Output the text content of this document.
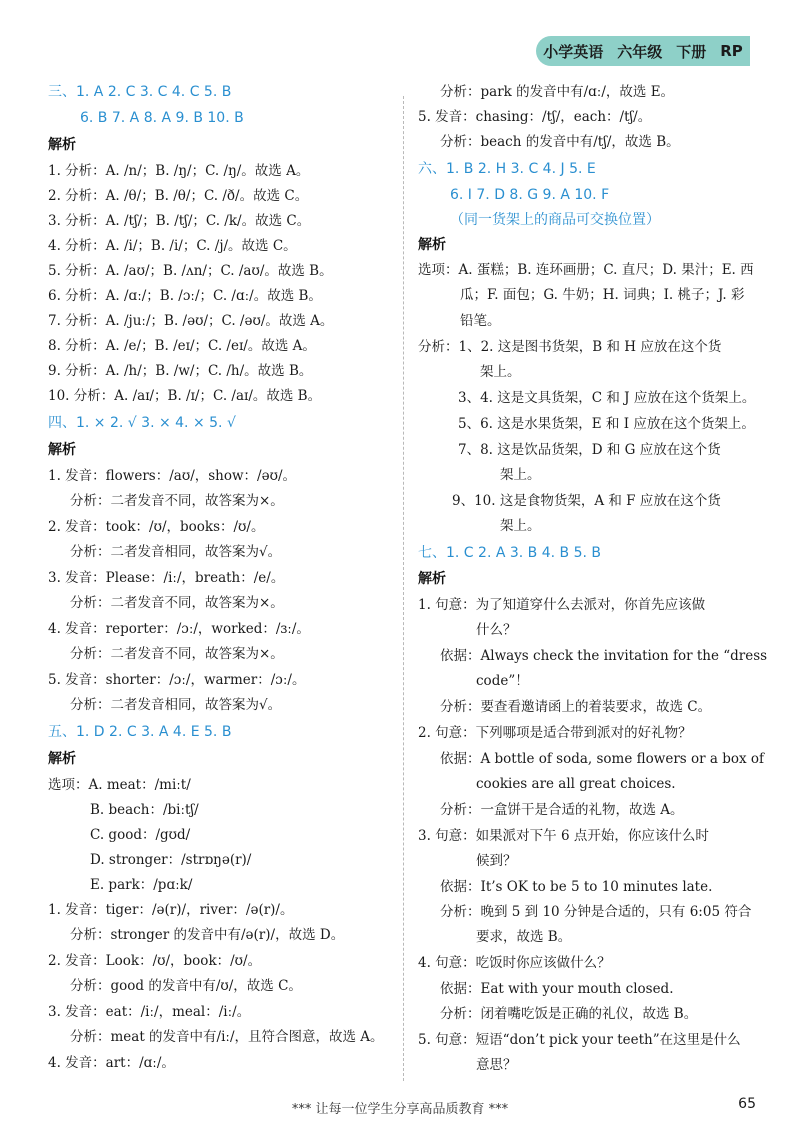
小学英语 六年级 下册 RP
三、1. A 2. C 3. C 4. C 5. B
6. B 7. A 8. A 9. B 10. B
解析
1. 分析：A. /n/；B. /ŋ/；C. /ŋ/。故选 A。
2. 分析：A. /θ/；B. /θ/；C. /ð/。故选 C。
3. 分析：A. /tʃ/；B. /tʃ/；C. /k/。故选 C。
4. 分析：A. /i/；B. /i/；C. /j/。故选 C。
5. 分析：A. /aʊ/；B. /ʌn/；C. /aʊ/。故选 B。
6. 分析：A. /ɑː/；B. /ɔː/；C. /ɑː/。故选 B。
7. 分析：A. /juː/；B. /əʊ/；C. /əʊ/。故选 A。
8. 分析：A. /e/；B. /eɪ/；C. /eɪ/。故选 A。
9. 分析：A. /h/；B. /w/；C. /h/。故选 B。
10. 分析：A. /aɪ/；B. /ɪ/；C. /aɪ/。故选 B。
四、1. × 2. √ 3. × 4. × 5. √
解析
1. 发音：flowers：/aʊ/，show：/əʊ/。
分析：二者发音不同，故答案为×。
2. 发音：took：/ʊ/，books：/ʊ/。
分析：二者发音相同，故答案为√。
3. 发音：Please：/iː/，breath：/e/。
分析：二者发音不同，故答案为×。
4. 发音：reporter：/ɔː/，worked：/ɜː/。
分析：二者发音不同，故答案为×。
5. 发音：shorter：/ɔː/，warmer：/ɔː/。
分析：二者发音相同，故答案为√。
五、1. D 2. C 3. A 4. E 5. B
解析
选项：A. meat：/miːt/
B. beach：/biːtʃ/
C. good：/gʊd/
D. stronger：/strɒŋə(r)/
E. park：/pɑːk/
1. 发音：tiger：/ə(r)/，river：/ə(r)/。
分析：stronger 的发音中有/ə(r)/，故选 D。
2. 发音：Look：/ʊ/，book：/ʊ/。
分析：good 的发音中有/ʊ/，故选 C。
3. 发音：eat：/iː/，meal：/iː/。
分析：meat 的发音中有/iː/，且符合图意，故选 A。
4. 发音：art：/ɑː/。
分析：park 的发音中有/ɑː/，故选 E。
5. 发音：chasing：/tʃ/，each：/tʃ/。
分析：beach 的发音中有/tʃ/，故选 B。
六、1. B 2. H 3. C 4. J 5. E
6. I 7. D 8. G 9. A 10. F
（同一货架上的商品可交换位置）
解析
选项：A. 蛋糕；B. 连环画册；C. 直尺；D. 果汁；E. 西
瓜；F. 面包；G. 牛奶；H. 词典；I. 桃子；J. 彩
铅笔。
分析：1、2. 这是图书货架，B 和 H 应放在这个货
架上。
3、4. 这是文具货架，C 和 J 应放在这个货架上。
5、6. 这是水果货架，E 和 I 应放在这个货架上。
7、8. 这是饮品货架，D 和 G 应放在这个货
架上。
9、10. 这是食物货架，A 和 F 应放在这个货
架上。
七、1. C 2. A 3. B 4. B 5. B
解析
1. 句意：为了知道穿什么去派对，你首先应该做
什么？
依据：Always check the invitation for the “dress
code”！
分析：要查看邀请函上的着装要求，故选 C。
2. 句意：下列哪项是适合带到派对的好礼物？
依据：A bottle of soda, some flowers or a box of
cookies are all great choices.
分析：一盒饼干是合适的礼物，故选 A。
3. 句意：如果派对下午 6 点开始，你应该什么时
候到？
依据：It’s OK to be 5 to 10 minutes late.
分析：晚到 5 到 10 分钟是合适的，只有 6:05 符合
要求，故选 B。
4. 句意：吃饭时你应该做什么？
依据：Eat with your mouth closed.
分析：闭着嘴吃饭是正确的礼仪，故选 B。
5. 句意：短语“don’t pick your teeth”在这里是什么
意思？
*** 让每一位学生分享高品质教育 ***	65
